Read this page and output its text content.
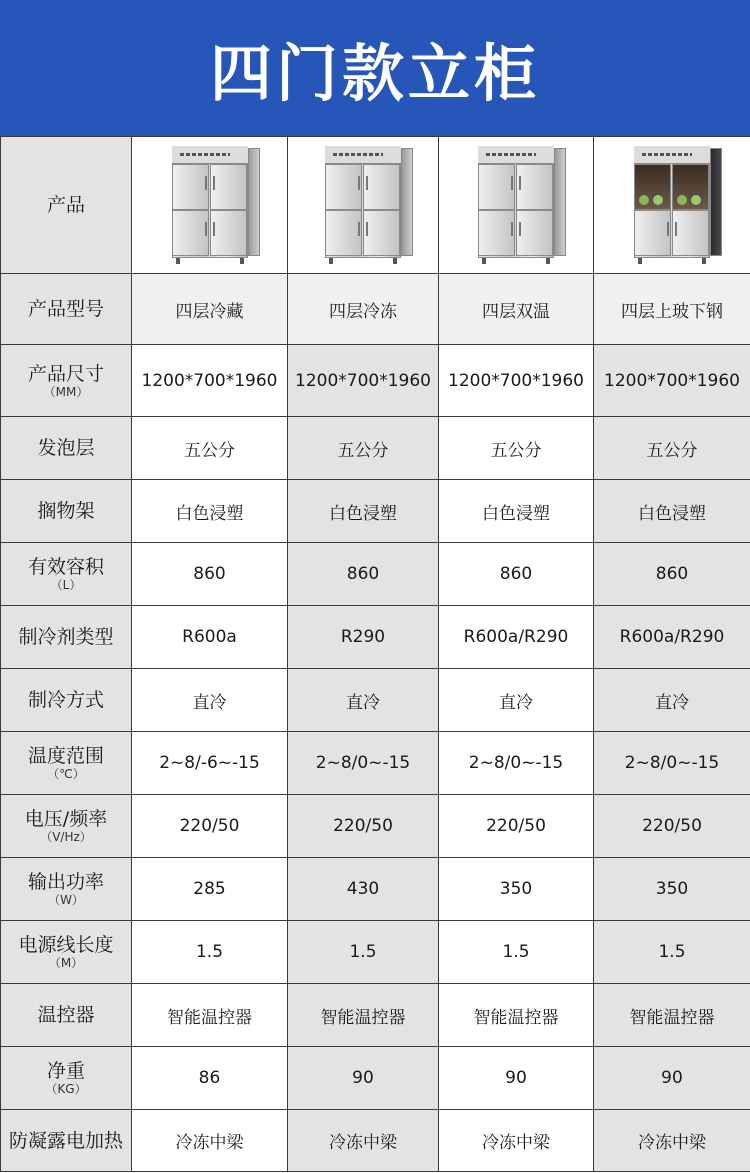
四门款立柜
产品	

产品型号	四层冷藏	四层冷冻	四层双温	四层上玻下钢
产品尺寸
（MM）	1200*700*1960	1200*700*1960	1200*700*1960	1200*700*1960
发泡层	五公分	五公分	五公分	五公分
搁物架	白色浸塑	白色浸塑	白色浸塑	白色浸塑
有效容积
（L）	860	860	860	860
制冷剂类型	R600a	R290	R600a/R290	R600a/R290
制冷方式	直冷	直冷	直冷	直冷
温度范围
（℃）	2~8/-6~-15	2~8/0~-15	2~8/0~-15	2~8/0~-15
电压/频率
（V/Hz）	220/50	220/50	220/50	220/50
输出功率
（W）	285	430	350	350
电源线长度
（M）	1.5	1.5	1.5	1.5
温控器	智能温控器	智能温控器	智能温控器	智能温控器
净重
（KG）	86	90	90	90
防凝露电加热	冷冻中梁	冷冻中梁	冷冻中梁	冷冻中梁
